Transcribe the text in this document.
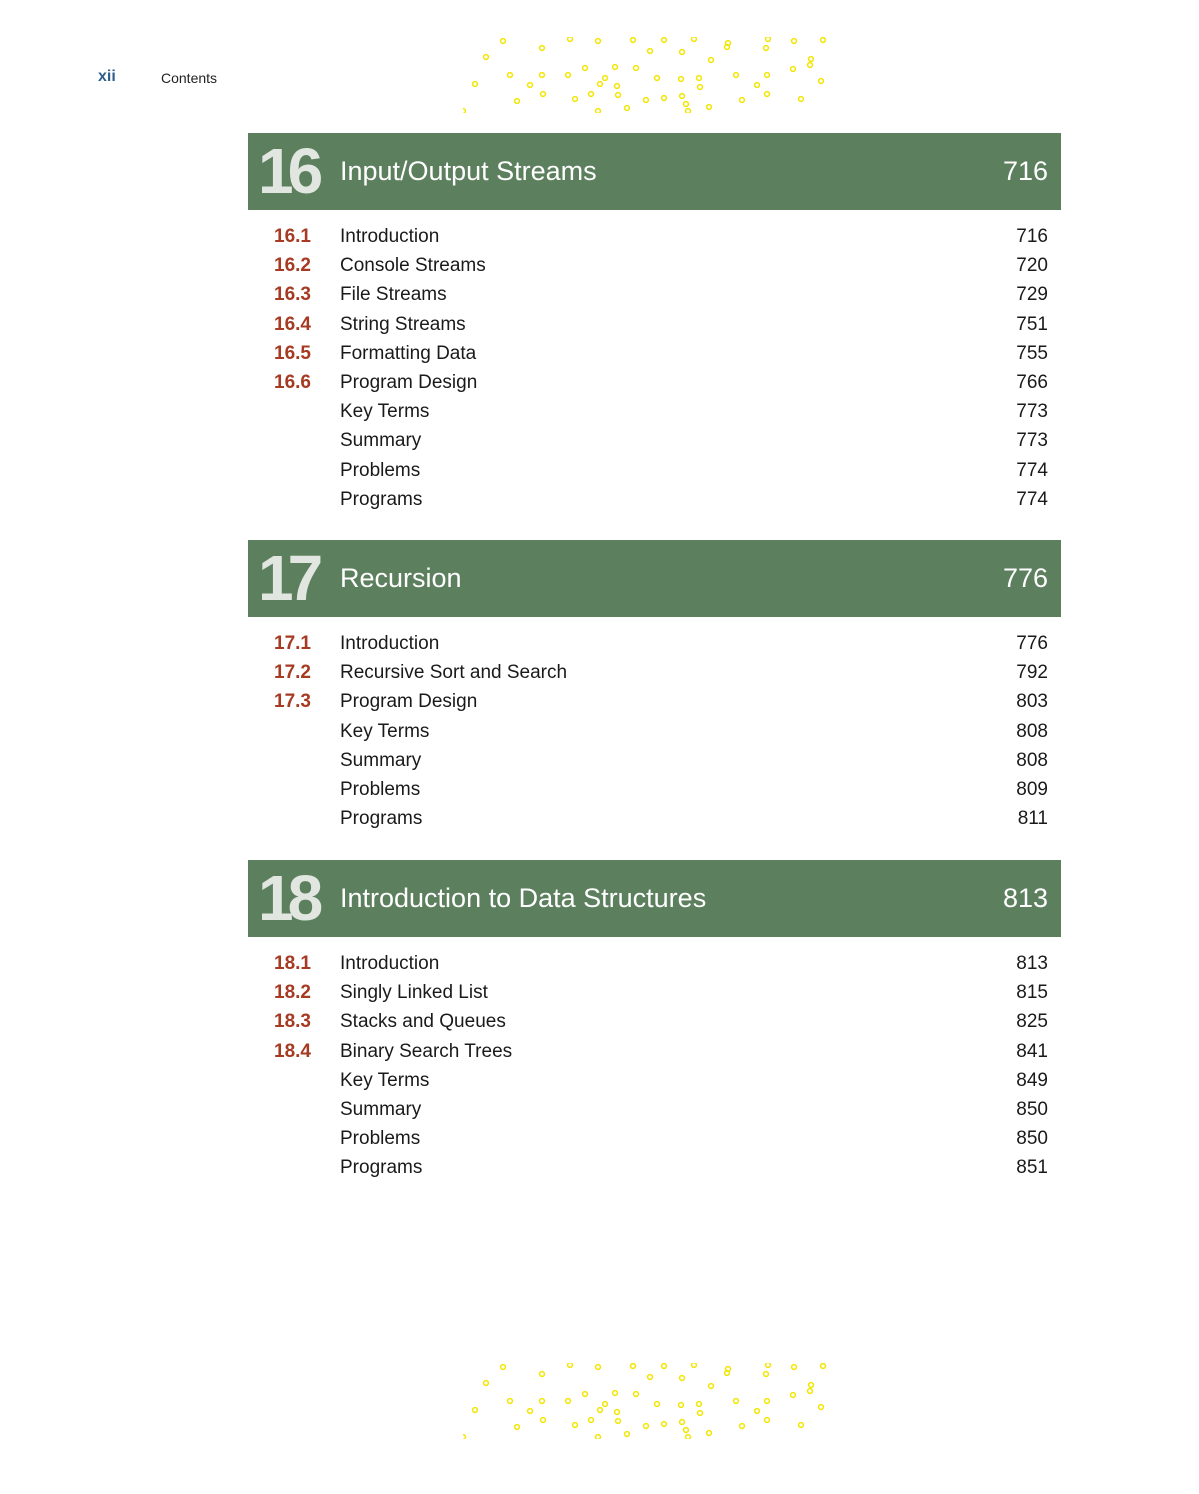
xii	Contents
16 Input/Output Streams	716
16.1 Introduction	716
16.2 Console Streams	720
16.3 File Streams	729
16.4 String Streams	751
16.5 Formatting Data	755
16.6 Program Design	766
Key Terms	773
Summary	773
Problems	774
Programs	774
17 Recursion	776
17.1 Introduction	776
17.2 Recursive Sort and Search	792
17.3 Program Design	803
Key Terms	808
Summary	808
Problems	809
Programs	811
18 Introduction to Data Structures	813
18.1 Introduction	813
18.2 Singly Linked List	815
18.3 Stacks and Queues	825
18.4 Binary Search Trees	841
Key Terms	849
Summary	850
Problems	850
Programs	851
